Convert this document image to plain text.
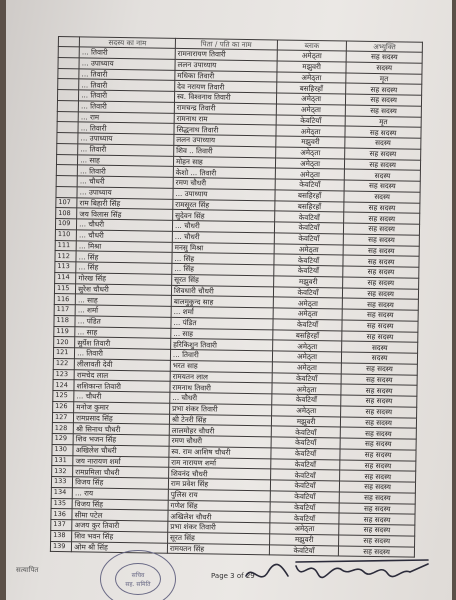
	सदस्य का नाम	पिता / पति का नाम	ब्लाक	अभ्युक्ति
	... तिवारी	रामनारायण तिवारी	अमेठ्ता	सह सदस्य
	... उपाध्याय	ललन उपाध्याय	मझुवरी	सदस्य
	... तिवारी	मधिका तिवारी	अमेठ्ता	मृत
	... तिवारी	देव नरायण तिवारी	बसहिरहाँ	सह सदस्य
	... तिवारी	स्व. विश्वनाथ तिवारी	अमेठ्ता	सह सदस्य
	... तिवारी	रामचन्द्र तिवारी	अमेठ्ता	सह सदस्य
	... राम	रामनाथ राम	केवटियाँ	मृत
	... तिवारी	सिद्धनाथ तिवारी	अमेठ्ता	सह सदस्य
	... उपाध्याय	ललन उपाध्याय	मझुवरी	सदस्य
	... तिवारी	शिव .. तिवारी	अमेठ्ता	सह सदस्य
	... साह	मोहन साह	अमेठ्ता	सह सदस्य
	... तिवारी	केशो ... तिवारी	अमेठ्ता	सदस्य
	... चौधरी	रमण चौधरी	केवटियाँ	सह सदस्य
	... उपाध्याय	... उपाध्याय	बसहिरहाँ	सदस्य
107	राम बिहारी सिंह	रामसूरत सिंह	बसहिरहाँ	सह सदस्य
108	जय विलास सिंह	सुदेवन सिंह	केवटियाँ	सह सदस्य
109	... चौधरी	... चौधरी	केवटियाँ	सह सदस्य
110	... चौधरी	... चौधरी	केवटियाँ	सह सदस्य
111	... मिश्रा	मनसु मिश्रा	अमेठ्ता	सह सदस्य
112	... सिंह	... सिंह	केवटियाँ	सह सदस्य
113	... सिंह	... सिंह	केवटियाँ	सह सदस्य
114	गोरख सिंह	सूरत सिंह	मझुवरी	सह सदस्य
115	सुरेश चौधरी	शिवधारी चौधरी	केवटियाँ	सह सदस्य
116	... साह	बालमुकुन्द साह	अमेठ्ता	सह सदस्य
117	... शर्मा	... शर्मा	अमेठ्ता	सह सदस्य
118	... पंडित	... पंडित	केवटियाँ	सह सदस्य
119	... साह	... साह	बसहिरहाँ	सह सदस्य
120	सुर्येश तिवारी	हरिकिशुन तिवारी	अमेठ्ता	सदस्य
121	... तिवारी	... तिवारी	अमेठ्ता	सदस्य
122	लीलावती देवी	भरत साह	अमेठ्ता	सह सदस्य
123	रामचेद लाल	रामयतन लाल	केवटियाँ	सह सदस्य
124	शशिकान्त तिवारी	रामनाथ तिवारी	अमेठ्ता	सह सदस्य
125	... चौधरी	... चौधरी	केवटियाँ	सह सदस्य
126	मनोज कुमार	प्रभा शंकर तिवारी	अमेठ्ता	सह सदस्य
127	रामप्रसाद सिंह	श्री टेनरी सिंह	मझुवरी	सह सदस्य
128	श्री सिनाथ चौधरी	लालमोहर चौधरी	केवटियाँ	सह सदस्य
129	शिव भजन सिंह	रमण चौधरी	केवटियाँ	सह सदस्य
130	अखिलेश चौधरी	स्व. राम आशिष चौधरी	केवटियाँ	सह सदस्य
131	जय नारायण शर्मा	राम नारायण शर्मा	केवटियाँ	सह सदस्य
132	रामप्रमिला चौधरी	शिवनंद चौधरी	केवटियाँ	सह सदस्य
133	विजय सिंह	राम प्रवेश सिंह	केवटियाँ	सह सदस्य
134	... राय	पुलिस राय	केवटियाँ	सह सदस्य
135	विजय सिंह	गणेश सिंह	केवटियाँ	सह सदस्य
136	सीमा पटेल	अखिलेश चौधरी	केवटियाँ	सह सदस्य
137	अजय कुर तिवारी	प्रभा शंकर तिवारी	अमेठ्ता	सह सदस्य
138	शिव भवन सिंह	सूरत सिंह	मझुवरी	सह सदस्य
139	ओम श्री सिंह	रामयतन सिंह	केवटियाँ	सह सदस्य
सत्यापित
सचिव
सह. समिति
Page 3 of 29
